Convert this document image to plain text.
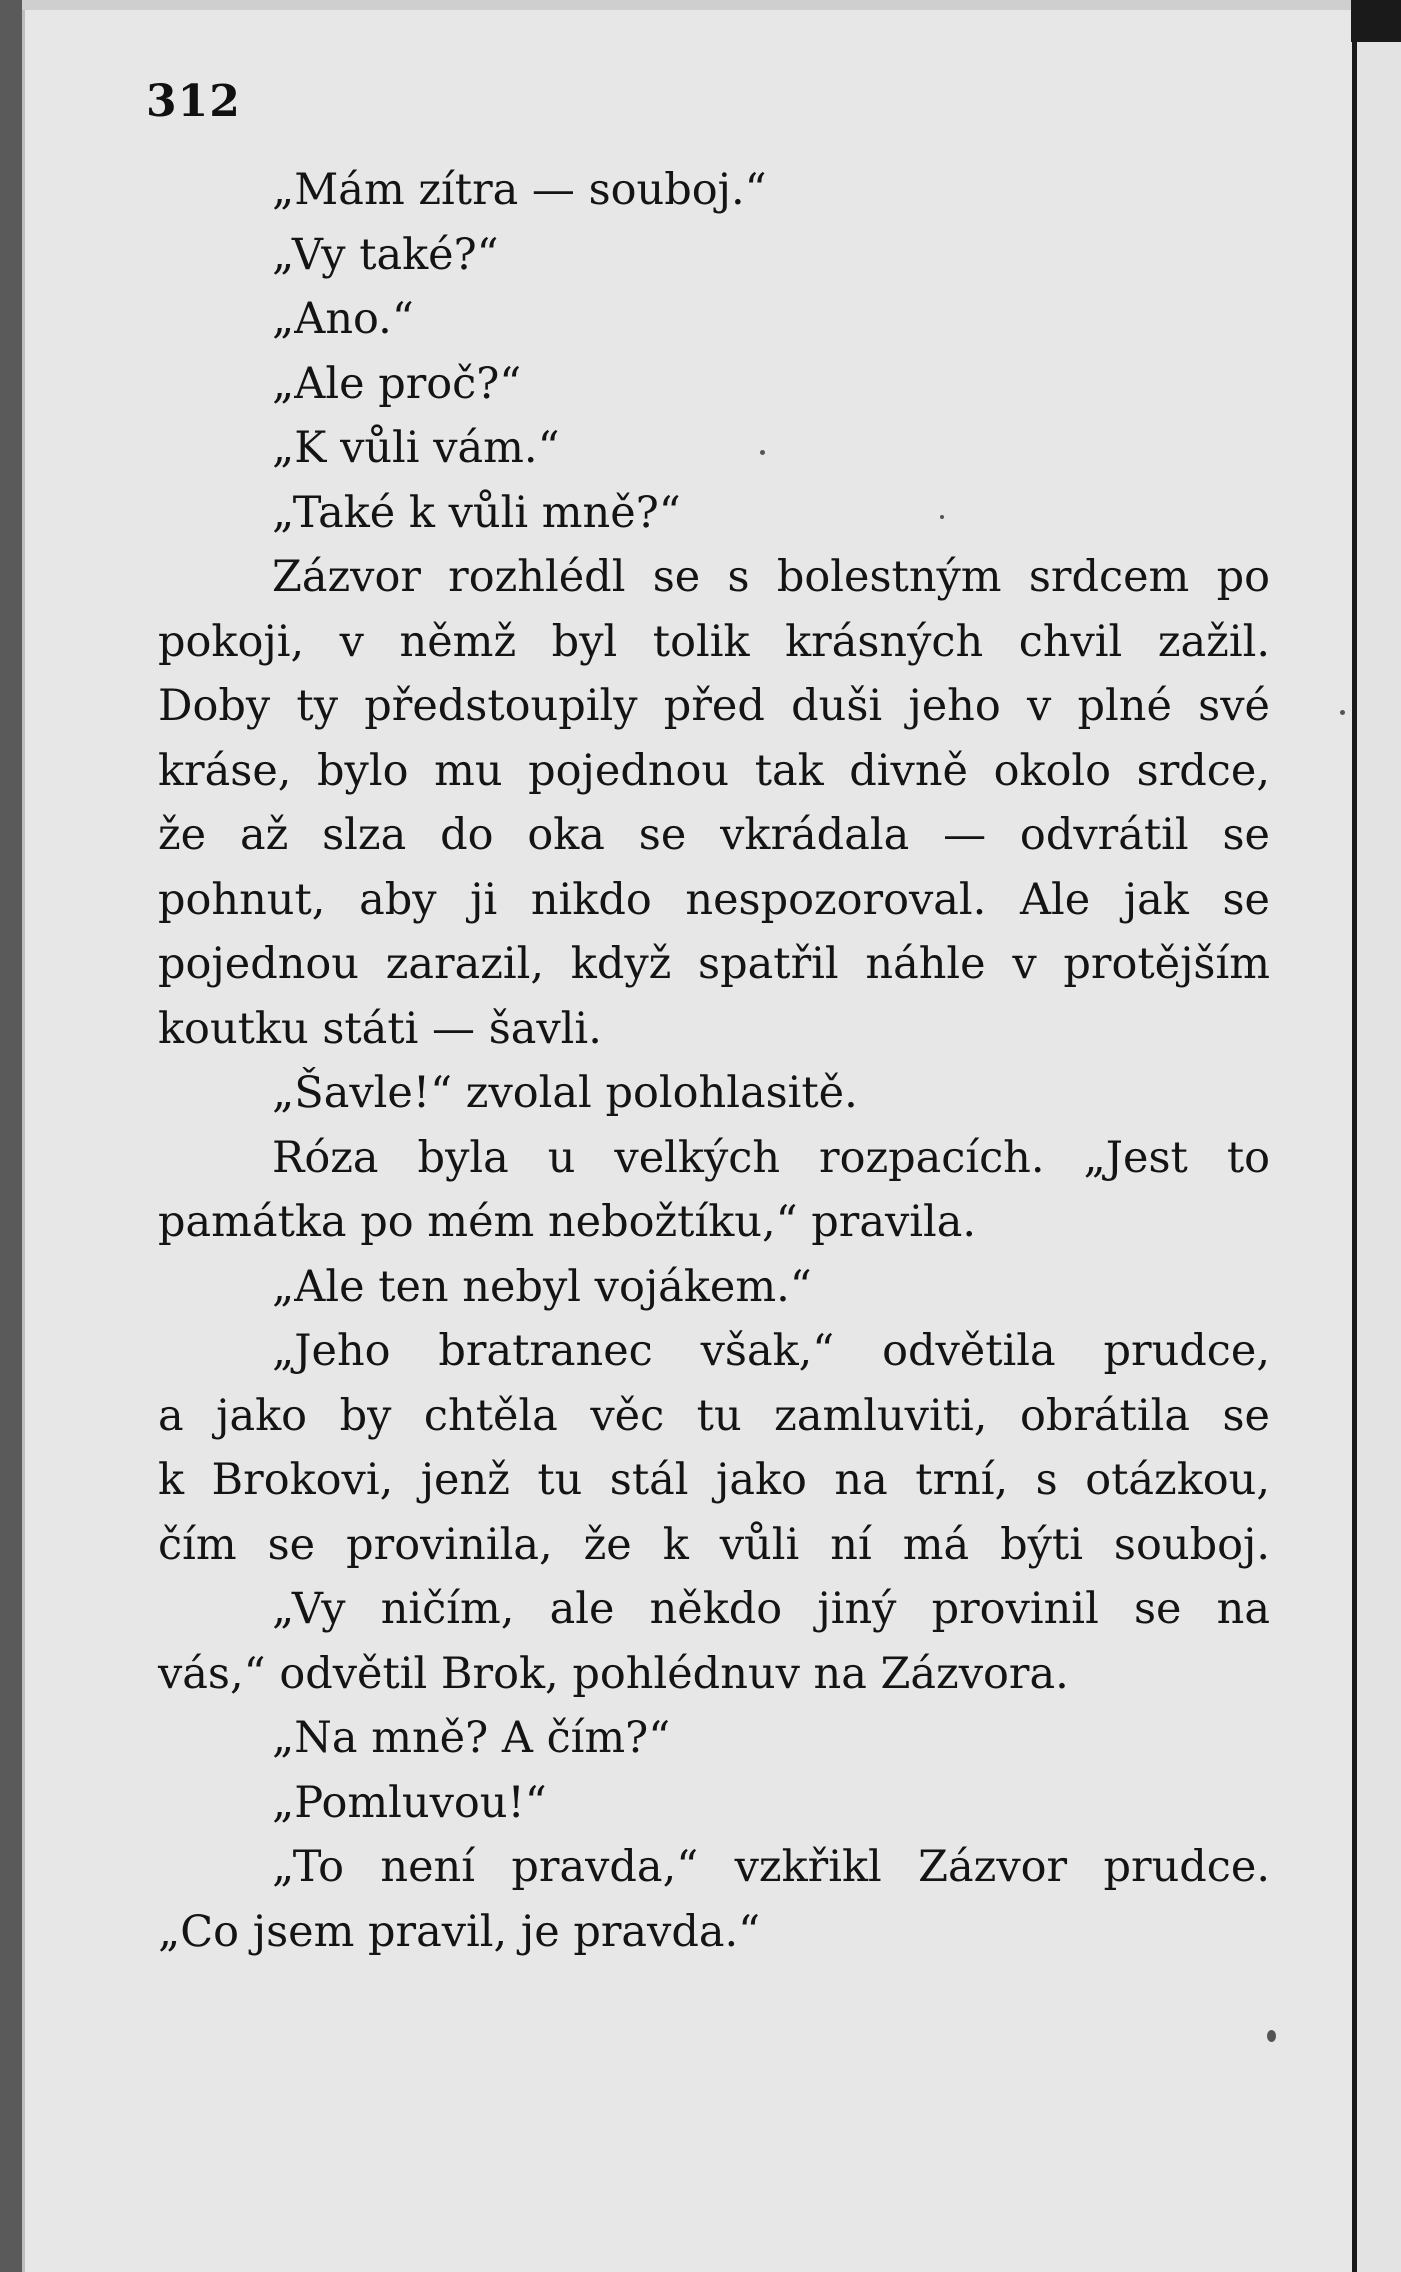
312
„Mám zítra — souboj.“
„Vy také?“
„Ano.“
„Ale proč?“
„K vůli vám.“
„Také k vůli mně?“
Zázvor rozhlédl se s bolestným srdcem po
pokoji, v němž byl tolik krásných chvil zažil.
Doby ty předstoupily před duši jeho v plné své
kráse, bylo mu pojednou tak divně okolo srdce,
že až slza do oka se vkrádala — odvrátil se
pohnut, aby ji nikdo nespozoroval. Ale jak se
pojednou zarazil, když spatřil náhle v protějším
koutku státi — šavli.
„Šavle!“ zvolal polohlasitě.
Róza byla u velkých rozpacích. „Jest to
památka po mém nebožtíku,“ pravila.
„Ale ten nebyl vojákem.“
„Jeho bratranec však,“ odvětila prudce,
a jako by chtěla věc tu zamluviti, obrátila se
k Brokovi, jenž tu stál jako na trní, s otázkou,
čím se provinila, že k vůli ní má býti souboj.
„Vy ničím, ale někdo jiný provinil se na
vás,“ odvětil Brok, pohlédnuv na Zázvora.
„Na mně? A čím?“
„Pomluvou!“
„To není pravda,“ vzkřikl Zázvor prudce.
„Co jsem pravil, je pravda.“
